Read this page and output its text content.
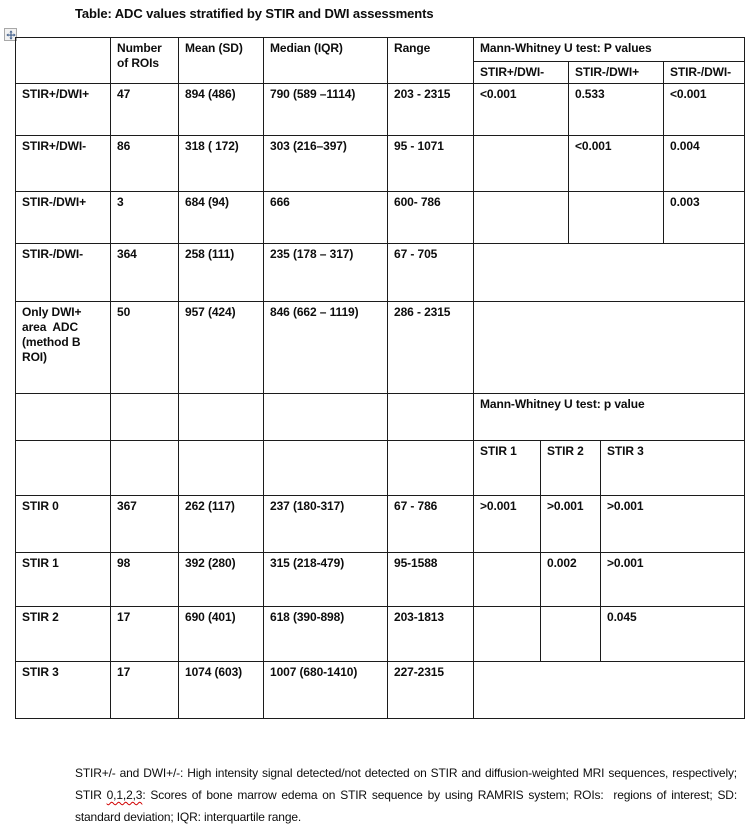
Table: ADC values stratified by STIR and DWI assessments
	Number of ROIs	Mean (SD)	Median (IQR)	Range	Mann-Whitney U test: P values				
					STIR+/DWI-		STIR-/DWI+		STIR-/DWI-
STIR+/DWI+	47	894 (486)	790 (589 –1114)	203 - 2315	<0.001		0.533		<0.001
STIR+/DWI-	86	318 ( 172)	303 (216–397)	95 - 1071			<0.001		0.004
STIR-/DWI+	3	684 (94)	666	600- 786					0.003
STIR-/DWI-	364	258 (111)	235 (178 – 317)	67 - 705					
Only DWI+ area  ADC (method B ROI)	50	957 (424)	846 (662 – 1119)	286 - 2315					
					Mann-Whitney U test: p value				
					STIR 1	STIR 2		STIR 3	
STIR 0	367	262 (117)	237 (180-317)	67 - 786	>0.001	>0.001		>0.001	
STIR 1	98	392 (280)	315 (218-479)	95-1588		0.002		>0.001	
STIR 2	17	690 (401)	618 (390-898)	203-1813				0.045	
STIR 3	17	1074 (603)	1007 (680-1410)	227-2315					
STIR+/- and DWI+/-: High intensity signal detected/not detected on STIR and diffusion-weighted MRI sequences, respectively; STIR 0,1,2,3: Scores of bone marrow edema on STIR sequence by using RAMRIS system; ROIs:  regions of interest; SD:  standard deviation; IQR: interquartile range.
